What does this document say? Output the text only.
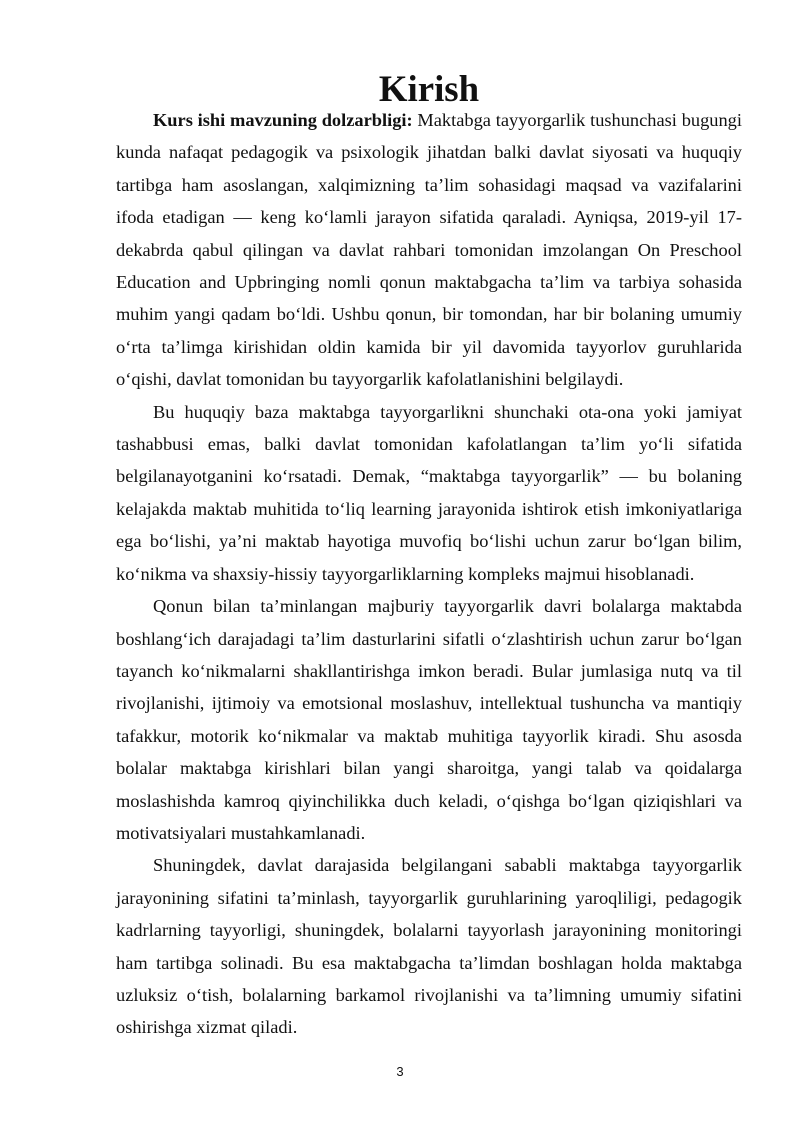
Kirish

Kurs ishi mavzuning dolzarbligi: Maktabga tayyorgarlik tushunchasi bugungi kunda nafaqat pedagogik va psixologik jihatdan balki davlat siyosati va huquqiy tartibga ham asoslangan, xalqimizning ta’lim sohasidagi maqsad va vazifalarini ifoda etadigan — keng ko‘lamli jarayon sifatida qaraladi. Ayniqsa, 2019-yil 17-dekabrda qabul qilingan va davlat rahbari tomonidan imzolangan On Preschool Education and Upbringing nomli qonun maktabgacha ta’lim va tarbiya sohasida muhim yangi qadam bo‘ldi. Ushbu qonun, bir tomondan, har bir bolaning umumiy o‘rta ta’limga kirishidan oldin kamida bir yil davomida tayyorlov guruhlarida o‘qishi, davlat tomonidan bu tayyorgarlik kafolatlanishini belgilaydi.

Bu huquqiy baza maktabga tayyorgarlikni shunchaki ota-ona yoki jamiyat tashabbusi emas, balki davlat tomonidan kafolatlangan ta’lim yo‘li sifatida belgilanayotganini ko‘rsatadi. Demak, “maktabga tayyorgarlik” — bu bolaning kelajakda maktab muhitida to‘liq learning jarayonida ishtirok etish imkoniyatlariga ega bo‘lishi, ya’ni maktab hayotiga muvofiq bo‘lishi uchun zarur bo‘lgan bilim, ko‘nikma va shaxsiy-hissiy tayyorgarliklarning kompleks majmui hisoblanadi.

Qonun bilan ta’minlangan majburiy tayyorgarlik davri bolalarga maktabda boshlang‘ich darajadagi ta’lim dasturlarini sifatli o‘zlashtirish uchun zarur bo‘lgan tayanch ko‘nikmalarni shakllantirishga imkon beradi. Bular jumlasiga nutq va til rivojlanishi, ijtimoiy va emotsional moslashuv, intellektual tushuncha va mantiqiy tafakkur, motorik ko‘nikmalar va maktab muhitiga tayyorlik kiradi. Shu asosda bolalar maktabga kirishlari bilan yangi sharoitga, yangi talab va qoidalarga moslashishda kamroq qiyinchilikka duch keladi, o‘qishga bo‘lgan qiziqishlari va motivatsiyalari mustahkamlanadi.

Shuningdek, davlat darajasida belgilangani sababli maktabga tayyorgarlik jarayonining sifatini ta’minlash, tayyorgarlik guruhlarining yaroqliligi, pedagogik kadrlarning tayyorligi, shuningdek, bolalarni tayyorlash jarayonining monitoringi ham tartibga solinadi. Bu esa maktabgacha ta’limdan boshlagan holda maktabga uzluksiz o‘tish, bolalarning barkamol rivojlanishi va ta’limning umumiy sifatini oshirishga xizmat qiladi.

3
